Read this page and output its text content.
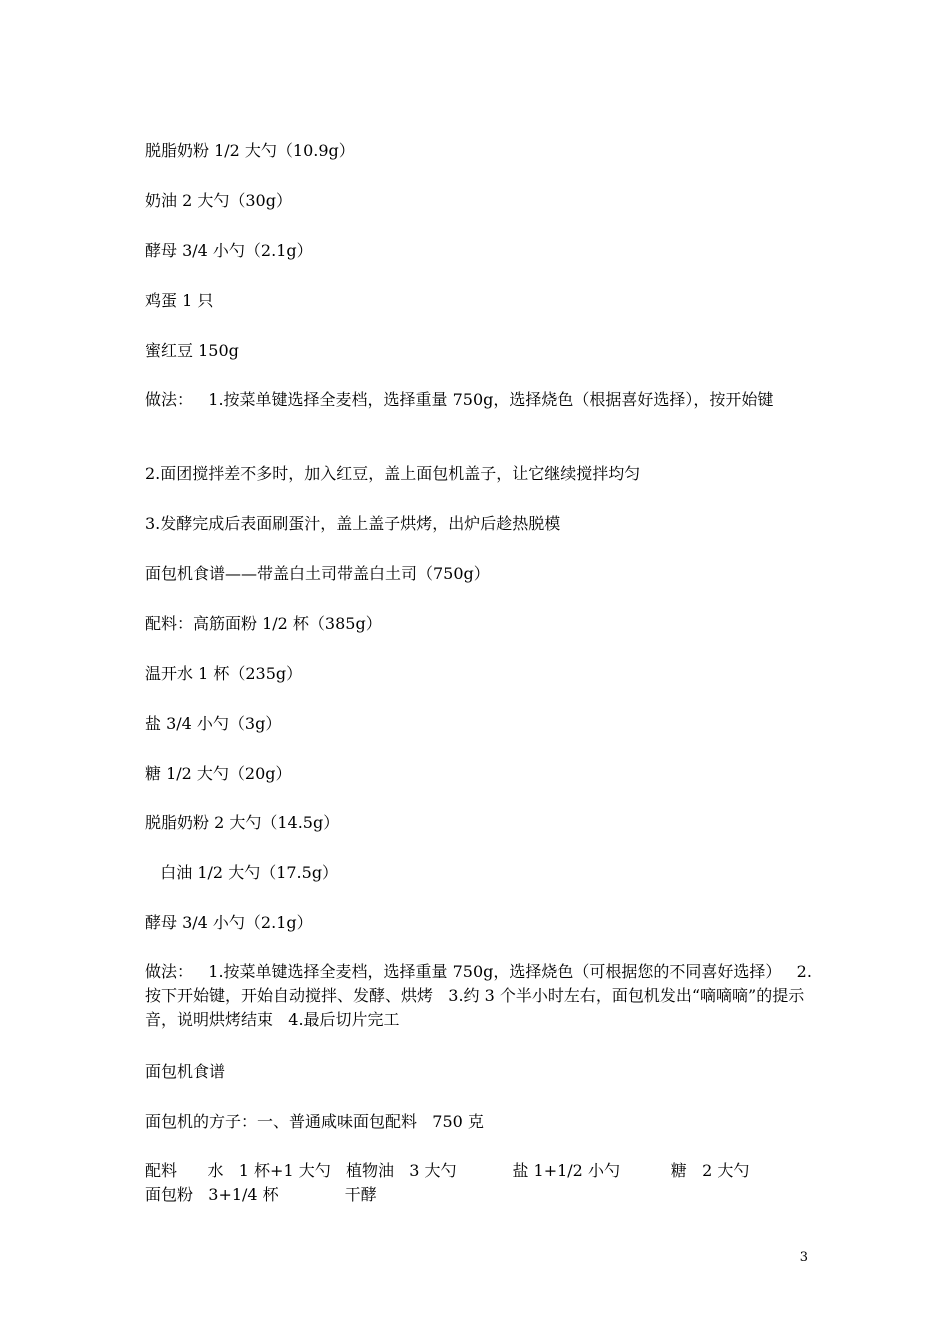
脱脂奶粉 1/2 大勺（10.9g）

奶油 2 大勺（30g）

酵母 3/4 小勺（2.1g）

鸡蛋 1 只

蜜红豆 150g

做法：   1.按菜单键选择全麦档，选择重量 750g，选择烧色（根据喜好选择），按开始键

2.面团搅拌差不多时，加入红豆，盖上面包机盖子，让它继续搅拌均匀

3.发酵完成后表面刷蛋汁，盖上盖子烘烤，出炉后趁热脱模

面包机食谱——带盖白土司带盖白土司（750g）

配料：高筋面粉 1/2 杯（385g）

温开水 1 杯（235g）

盐 3/4 小勺（3g）

糖 1/2 大勺（20g）

脱脂奶粉 2 大勺（14.5g）

白油 1/2 大勺（17.5g）

酵母 3/4 小勺（2.1g）

做法：   1.按菜单键选择全麦档，选择重量 750g，选择烧色（可根据您的不同喜好选择）   2.按下开始键，开始自动搅拌、发酵、烘烤   3.约 3 个半小时左右，面包机发出“嘀嘀嘀”的提示音，说明烘烤结束   4.最后切片完工

面包机食谱

面包机的方子：一、普通咸味面包配料   750 克

配料      水   1 杯+1 大勺   植物油   3 大勺           盐 1+1/2 小勺          糖   2 大勺                  面包粉   3+1/4 杯             干酵

3
